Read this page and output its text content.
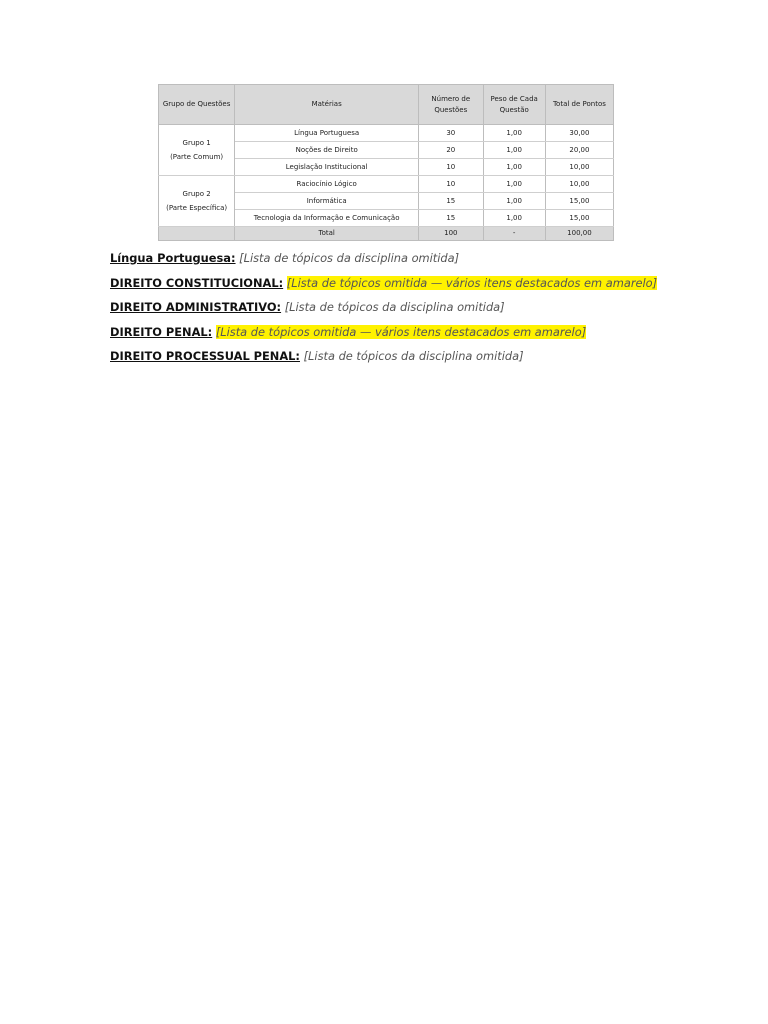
Grupo de Questões	Matérias	Número de Questões	Peso de Cada Questão	Total de Pontos

Grupo 1
(Parte Comum)	Língua Portuguesa	30	1,00	30,00
	Noções de Direito	20	1,00	20,00
	Legislação Institucional	10	1,00	10,00

Grupo 2
(Parte Específica)	Raciocínio Lógico	10	1,00	10,00
	Informática	15	1,00	15,00
	Tecnologia da Informação e Comunicação	15	1,00	15,00
	Total	100	-	100,00

Língua Portuguesa: [Lista de tópicos da disciplina omitida]

DIREITO CONSTITUCIONAL: [Lista de tópicos omitida — vários itens destacados em amarelo]

DIREITO ADMINISTRATIVO: [Lista de tópicos da disciplina omitida]

DIREITO PENAL: [Lista de tópicos omitida — vários itens destacados em amarelo]

DIREITO PROCESSUAL PENAL: [Lista de tópicos da disciplina omitida]
